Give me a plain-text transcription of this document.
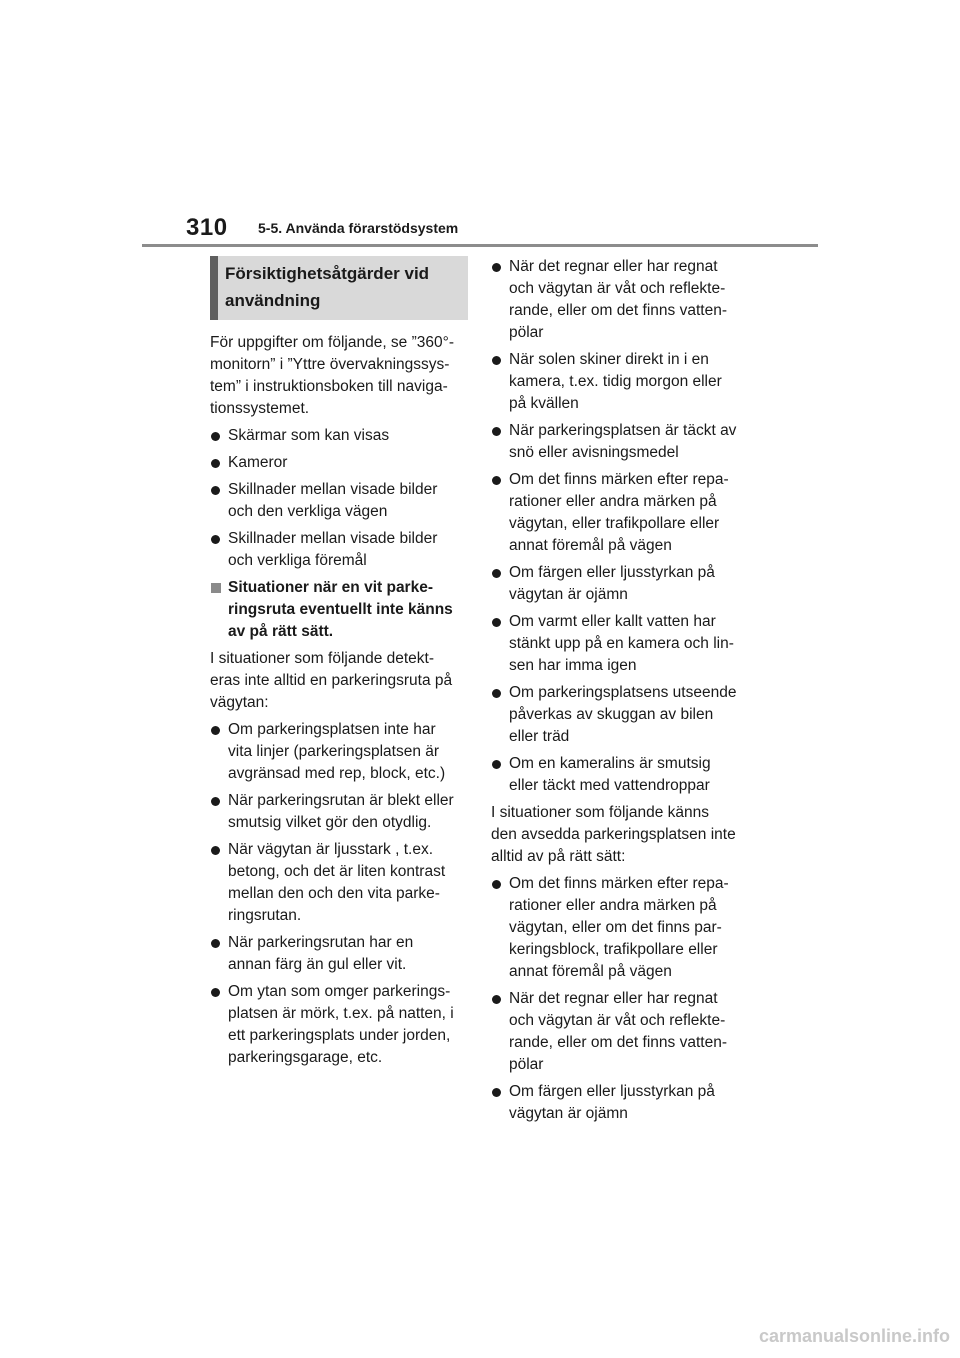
310 5-5. Använda förarstödsystem
Försiktighetsåtgärder vid
användning
För uppgifter om följande, se ”360°-
monitorn” i ”Yttre övervakningssys-
tem” i instruktionsboken till naviga-
tionssystemet.
Skärmar som kan visas
Kameror
Skillnader mellan visade bilder
och den verkliga vägen
Skillnader mellan visade bilder
och verkliga föremål
Situationer när en vit parke-
ringsruta eventuellt inte känns
av på rätt sätt.
I situationer som följande detekt-
eras inte alltid en parkeringsruta på
vägytan:
Om parkeringsplatsen inte har
vita linjer (parkeringsplatsen är
avgränsad med rep, block, etc.)
När parkeringsrutan är blekt eller
smutsig vilket gör den otydlig.
När vägytan är ljusstark , t.ex.
betong, och det är liten kontrast
mellan den och den vita parke-
ringsrutan.
När parkeringsrutan har en
annan färg än gul eller vit.
Om ytan som omger parkerings-
platsen är mörk, t.ex. på natten, i
ett parkeringsplats under jorden,
parkeringsgarage, etc.
När det regnar eller har regnat
och vägytan är våt och reflekte-
rande, eller om det finns vatten-
pölar
När solen skiner direkt in i en
kamera, t.ex. tidig morgon eller
på kvällen
När parkeringsplatsen är täckt av
snö eller avisningsmedel
Om det finns märken efter repa-
rationer eller andra märken på
vägytan, eller trafikpollare eller
annat föremål på vägen
Om färgen eller ljusstyrkan på
vägytan är ojämn
Om varmt eller kallt vatten har
stänkt upp på en kamera och lin-
sen har imma igen
Om parkeringsplatsens utseende
påverkas av skuggan av bilen
eller träd
Om en kameralins är smutsig
eller täckt med vattendroppar
I situationer som följande känns
den avsedda parkeringsplatsen inte
alltid av på rätt sätt:
Om det finns märken efter repa-
rationer eller andra märken på
vägytan, eller om det finns par-
keringsblock, trafikpollare eller
annat föremål på vägen
När det regnar eller har regnat
och vägytan är våt och reflekte-
rande, eller om det finns vatten-
pölar
Om färgen eller ljusstyrkan på
vägytan är ojämn
carmanualsonline.info
